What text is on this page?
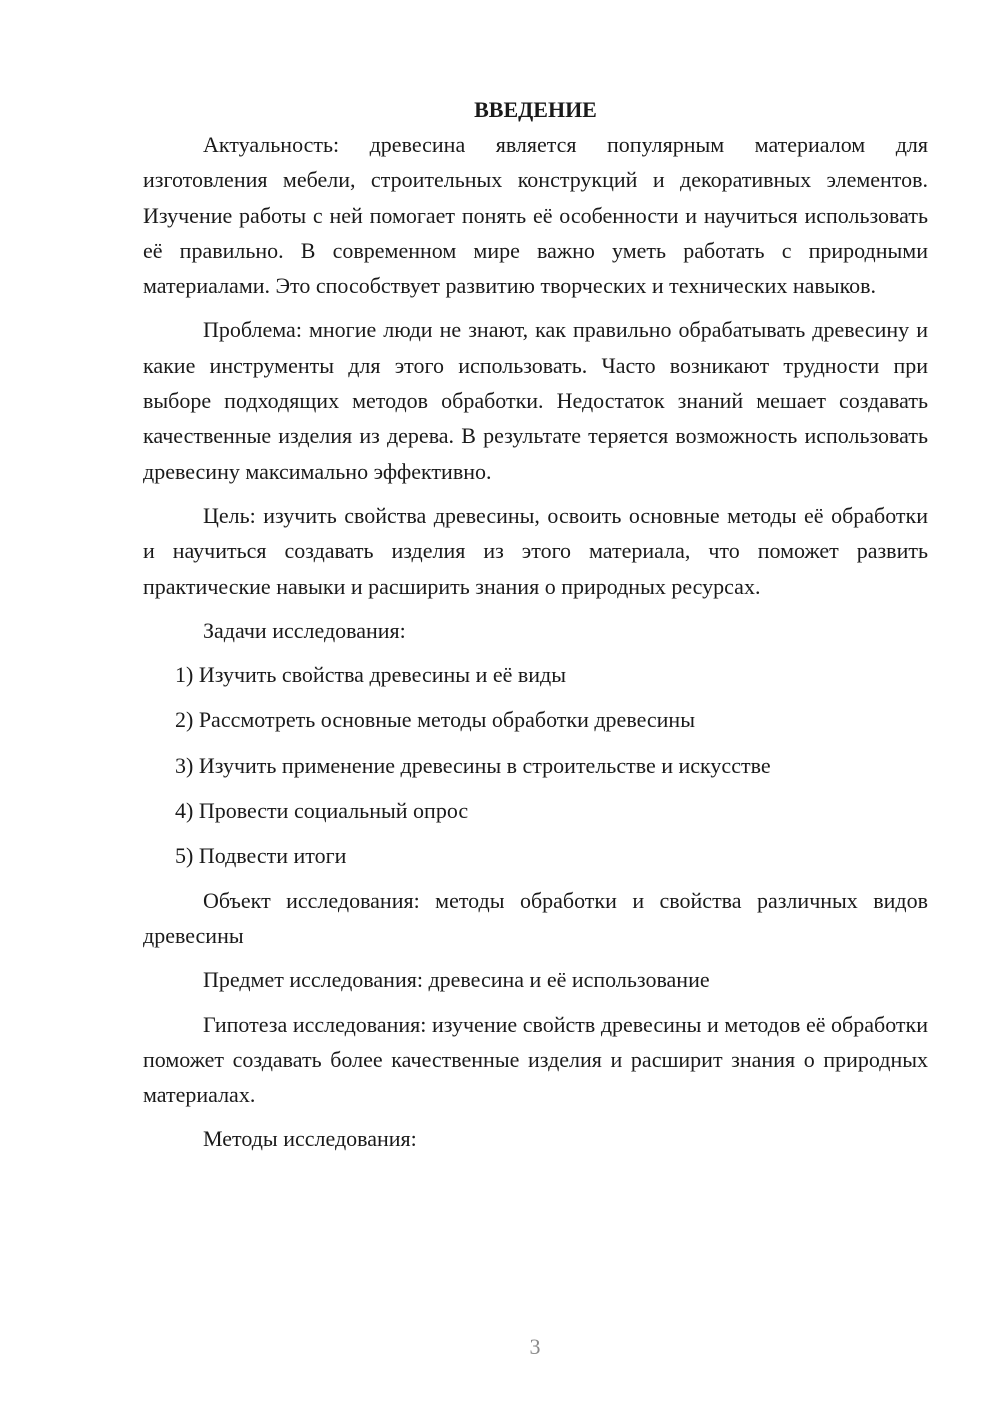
ВВЕДЕНИЕ

Актуальность: древесина является популярным материалом для изготовления мебели, строительных конструкций и декоративных элементов. Изучение работы с ней помогает понять её особенности и научиться использовать её правильно. В современном мире важно уметь работать с природными материалами. Это способствует развитию творческих и технических навыков.

Проблема: многие люди не знают, как правильно обрабатывать древесину и какие инструменты для этого использовать. Часто возникают трудности при выборе подходящих методов обработки. Недостаток знаний мешает создавать качественные изделия из дерева. В результате теряется возможность использовать древесину максимально эффективно.

Цель: изучить свойства древесины, освоить основные методы её обработки и научиться создавать изделия из этого материала, что поможет развить практические навыки и расширить знания о природных ресурсах.

Задачи исследования:

1) Изучить свойства древесины и её виды
2) Рассмотреть основные методы обработки древесины
3) Изучить применение древесины в строительстве и искусстве
4) Провести социальный опрос
5) Подвести итоги

Объект исследования: методы обработки и свойства различных видов древесины

Предмет исследования: древесина и её использование

Гипотеза исследования: изучение свойств древесины и методов её обработки поможет создавать более качественные изделия и расширит знания о природных материалах.

Методы исследования:

3
